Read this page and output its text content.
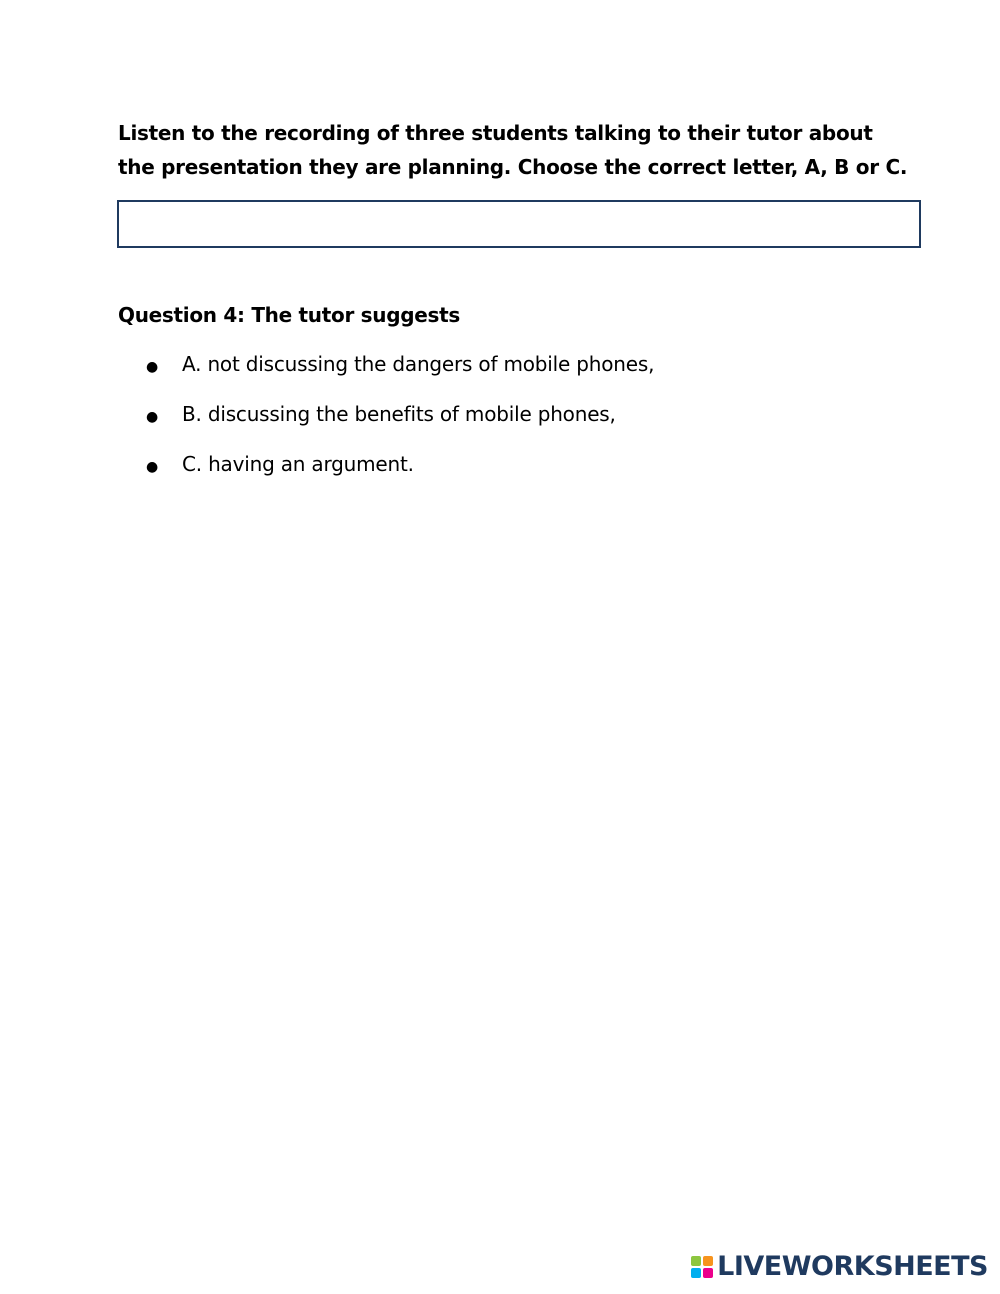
Listen to the recording of three students talking to their tutor about
the presentation they are planning. Choose the correct letter, A, B or C.

Question 4: The tutor suggests

● A. not discussing the dangers of mobile phones,
● B. discussing the benefits of mobile phones,
● C. having an argument.
LIVEWORKSHEETS
